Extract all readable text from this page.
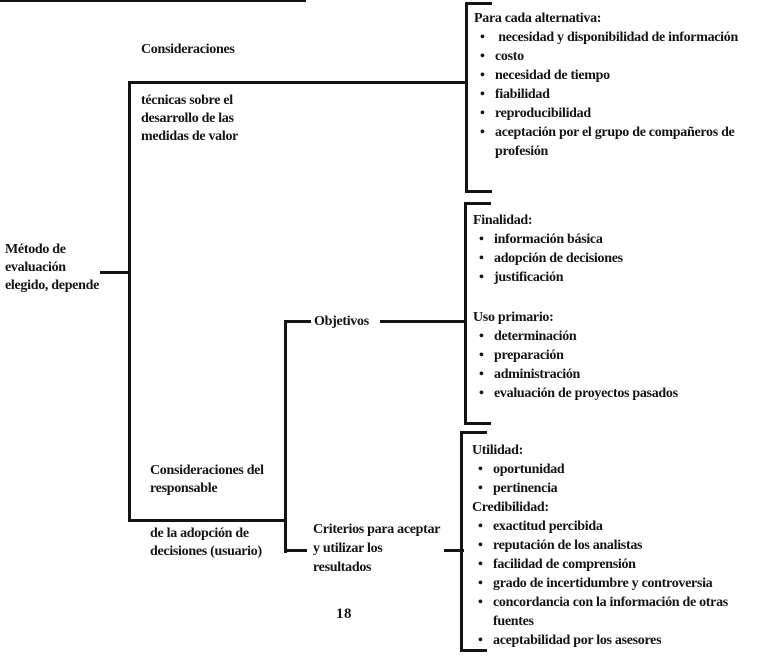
Método de
evaluación
elegido, depende
Consideraciones
técnicas sobre el
desarrollo de las
medidas de valor
Objetivos
Consideraciones del
responsable
de la adopción de
decisiones (usuario)
Criterios para aceptar
y utilizar los
resultados
Para cada alternativa:
•  necesidad y disponibilidad de información
• costo
• necesidad de tiempo
• fiabilidad
• reproducibilidad
• aceptación por el grupo de compañeros de profesión
Finalidad:
• información básica
• adopción de decisiones
• justificación
Uso primario:
• determinación
• preparación
• administración
• evaluación de proyectos pasados
Utilidad:
• oportunidad
• pertinencia
Credibilidad:
• exactitud percibida
• reputación de los analistas
• facilidad de comprensión
• grado de incertidumbre y controversia
• concordancia con la información de otras fuentes
• aceptabilidad por los asesores
18
